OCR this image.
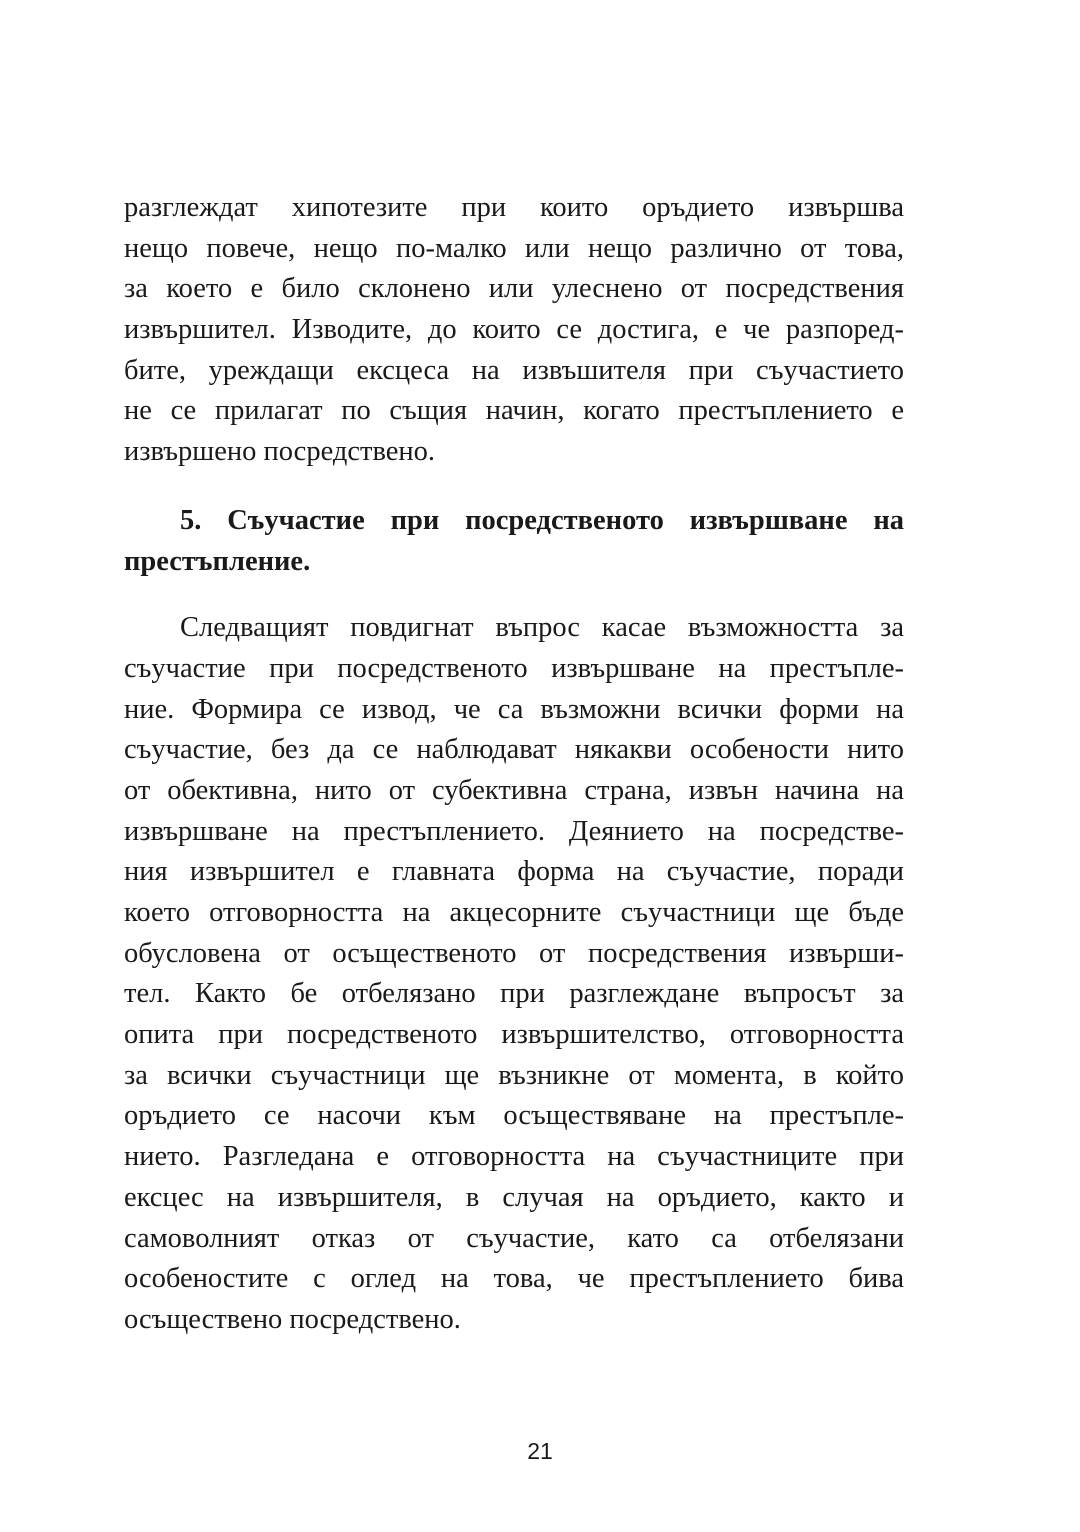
разглеждат хипотезите при които оръдието извършва
нещо повече, нещо по-малко или нещо различно от това,
за което е било склонено или улеснено от посредствения
извършител. Изводите, до които се достига, е че разпоред-
бите, уреждащи ексцеса на извъшителя при съучастието
не се прилагат по същия начин, когато престъплението е
извършено посредствено.
5. Съучастие при посредственото извършване на
престъпление.
Следващият повдигнат въпрос касае възможността за
съучастие при посредственото извършване на престъпле-
ние. Формира се извод, че са възможни всички форми на
съучастие, без да се наблюдават някакви особености нито
от обективна, нито от субективна страна, извън начина на
извършване на престъплението. Деянието на посредстве-
ния извършител е главната форма на съучастие, поради
което отговорността на акцесорните съучастници ще бъде
обусловена от осъщественото от посредствения извърши-
тел. Както бе отбелязано при разглеждане въпросът за
опита при посредственото извършителство, отговорността
за всички съучастници ще възникне от момента, в който
оръдието се насочи към осъществяване на престъпле-
нието. Разгледана е отговорността на съучастниците при
ексцес на извършителя, в случая на оръдието, както и
самоволният отказ от съучастие, като са отбелязани
особеностите с оглед на това, че престъплението бива
осъществено посредствено.
21
